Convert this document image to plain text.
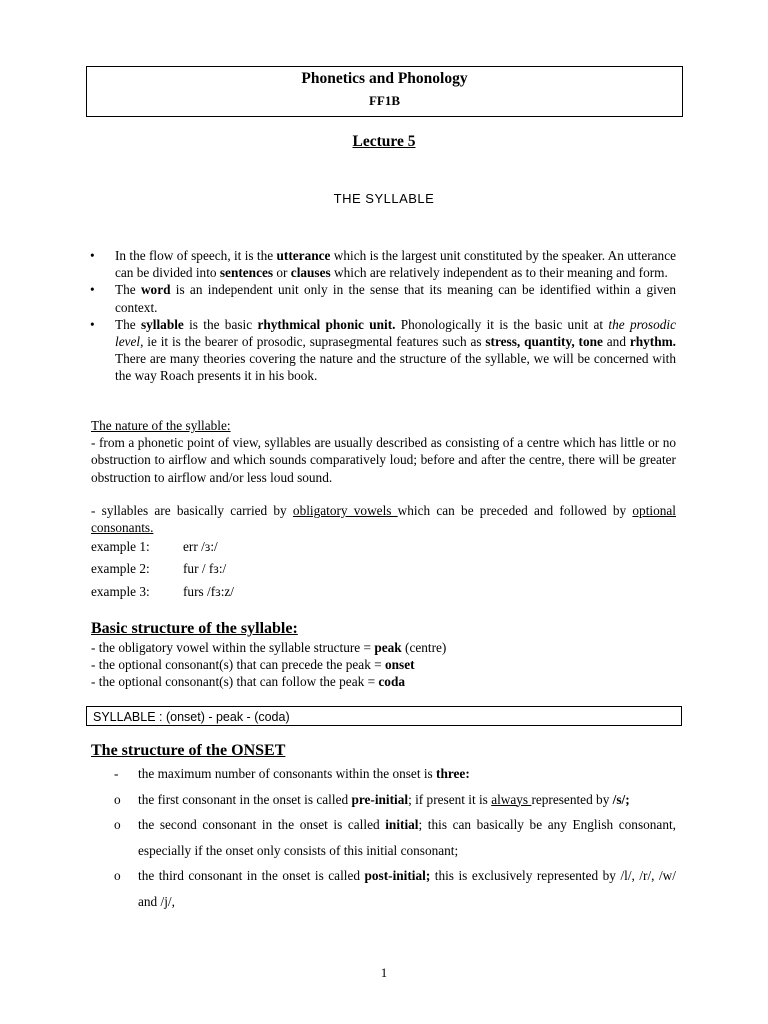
Phonetics and Phonology
FF1B
Lecture 5
THE SYLLABLE
• In the flow of speech, it is the utterance which is the largest unit constituted by the speaker. An utterance can be divided into sentences or clauses which are relatively independent as to their meaning and form.
• The word is an independent unit only in the sense that its meaning can be identified within a given context.
• The syllable is the basic rhythmical phonic unit. Phonologically it is the basic unit at the prosodic level, ie it is the bearer of prosodic, suprasegmental features such as stress, quantity, tone and rhythm. There are many theories covering the nature and the structure of the syllable, we will be concerned with the way Roach presents it in his book.
The nature of the syllable:
- from a phonetic point of view, syllables are usually described as consisting of a centre which has little or no obstruction to airflow and which sounds comparatively loud; before and after the centre, there will be greater obstruction to airflow and/or less loud sound.
- syllables are basically carried by obligatory vowels which can be preceded and followed by optional consonants.
example 1:	err /ɜ:/
example 2:	fur / fɜ:/
example 3:	furs /fɜ:z/
Basic structure of the syllable:
- the obligatory vowel within the syllable structure = peak (centre)
- the optional consonant(s) that can precede the peak = onset
- the optional consonant(s) that can follow the peak = coda
SYLLABLE : (onset) - peak - (coda)
The structure of the ONSET
- the maximum number of consonants within the onset is three:
o the first consonant in the onset is called pre-initial; if present it is always represented by /s/;
o the second consonant in the onset is called initial; this can basically be any English consonant, especially if the onset only consists of this initial consonant;
o the third consonant in the onset is called post-initial; this is exclusively represented by /l/, /r/, /w/ and /j/,
1
